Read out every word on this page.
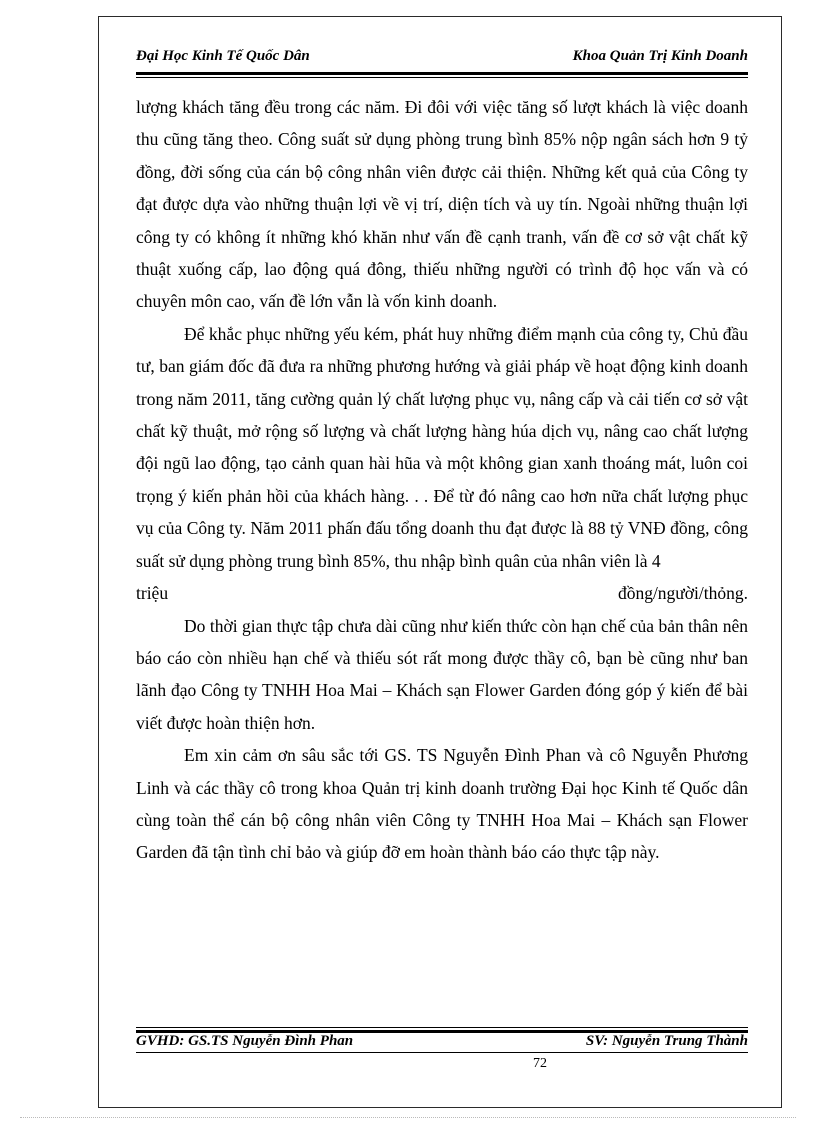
Đại Học Kinh Tế Quốc Dân	Khoa Quản Trị Kinh Doanh

lượng khách tăng đều trong các năm. Đi đôi với việc tăng số lượt khách là việc doanh thu cũng tăng theo. Công suất sử dụng phòng trung bình 85% nộp ngân sách hơn 9 tỷ đồng, đời sống của cán bộ công nhân viên được cải thiện. Những kết quả của Công ty đạt được dựa vào những thuận lợi về vị trí, diện tích và uy tín. Ngoài những thuận lợi công ty có không ít những khó khăn như vấn đề cạnh tranh, vấn đề cơ sở vật chất kỹ thuật xuống cấp, lao động quá đông, thiếu những người có trình độ học vấn và có chuyên môn cao, vấn đề lớn vẫn là vốn kinh doanh.

Để khắc phục những yếu kém, phát huy những điểm mạnh của công ty, Chủ đầu tư, ban giám đốc đã đưa ra những phương hướng và giải pháp về hoạt động kinh doanh trong năm 2011, tăng cường quản lý chất lượng phục vụ, nâng cấp và cải tiến cơ sở vật chất kỹ thuật, mở rộng số lượng và chất lượng hàng húa dịch vụ, nâng cao chất lượng đội ngũ lao động, tạo cảnh quan hài hũa và một không gian xanh thoáng mát, luôn coi trọng ý kiến phản hồi của khách hàng. . . Để từ đó nâng cao hơn nữa chất lượng phục vụ của Công ty. Năm 2011 phấn đấu tổng doanh thu đạt được là 88 tỷ VNĐ đồng, công suất sử dụng phòng trung bình 85%, thu nhập bình quân của nhân viên là 4

triệu	đồng/người/thỏng.

Do thời gian thực tập chưa dài cũng như kiến thức còn hạn chế của bản thân nên báo cáo còn nhiều hạn chế và thiếu sót rất mong được thầy cô, bạn bè cũng như ban lãnh đạo Công ty TNHH Hoa Mai – Khách sạn Flower Garden đóng góp ý kiến để bài viết được hoàn thiện hơn.

Em xin cảm ơn sâu sắc tới GS. TS Nguyễn Đình Phan và cô Nguyễn Phương Linh và các thầy cô trong khoa Quản trị kinh doanh trường Đại học Kinh tế Quốc dân cùng toàn thể cán bộ công nhân viên Công ty TNHH Hoa Mai – Khách sạn Flower Garden đã tận tình chỉ bảo và giúp đỡ em hoàn thành báo cáo thực tập này.

GVHD: GS.TS Nguyễn Đình Phan	SV: Nguyễn Trung Thành
72
